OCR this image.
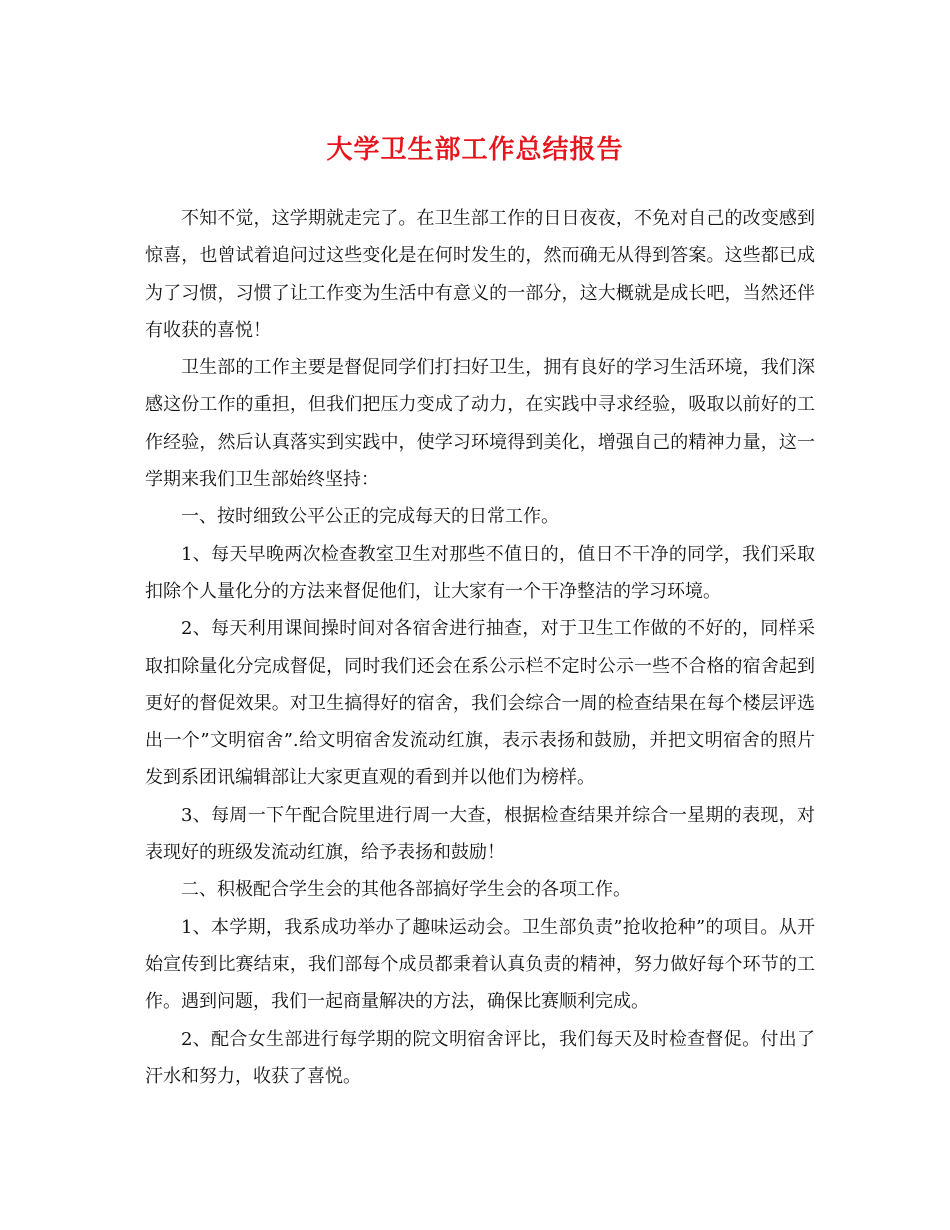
大学卫生部工作总结报告

不知不觉，这学期就走完了。在卫生部工作的日日夜夜，不免对自己的改变感到惊喜，也曾试着追问过这些变化是在何时发生的，然而确无从得到答案。这些都已成为了习惯，习惯了让工作变为生活中有意义的一部分，这大概就是成长吧，当然还伴有收获的喜悦！

卫生部的工作主要是督促同学们打扫好卫生，拥有良好的学习生活环境，我们深感这份工作的重担，但我们把压力变成了动力，在实践中寻求经验，吸取以前好的工作经验，然后认真落实到实践中，使学习环境得到美化，增强自己的精神力量，这一学期来我们卫生部始终坚持：

一、按时细致公平公正的完成每天的日常工作。

1、每天早晚两次检查教室卫生对那些不值日的，值日不干净的同学，我们采取扣除个人量化分的方法来督促他们，让大家有一个干净整洁的学习环境。

2、每天利用课间操时间对各宿舍进行抽查，对于卫生工作做的不好的，同样采取扣除量化分完成督促，同时我们还会在系公示栏不定时公示一些不合格的宿舍起到更好的督促效果。对卫生搞得好的宿舍，我们会综合一周的检查结果在每个楼层评选出一个”文明宿舍”.给文明宿舍发流动红旗，表示表扬和鼓励，并把文明宿舍的照片发到系团讯编辑部让大家更直观的看到并以他们为榜样。

3、每周一下午配合院里进行周一大查，根据检查结果并综合一星期的表现，对表现好的班级发流动红旗，给予表扬和鼓励！

二、积极配合学生会的其他各部搞好学生会的各项工作。

1、本学期，我系成功举办了趣味运动会。卫生部负责”抢收抢种”的项目。从开始宣传到比赛结束，我们部每个成员都秉着认真负责的精神，努力做好每个环节的工作。遇到问题，我们一起商量解决的方法，确保比赛顺利完成。

2、配合女生部进行每学期的院文明宿舍评比，我们每天及时检查督促。付出了汗水和努力，收获了喜悦。
